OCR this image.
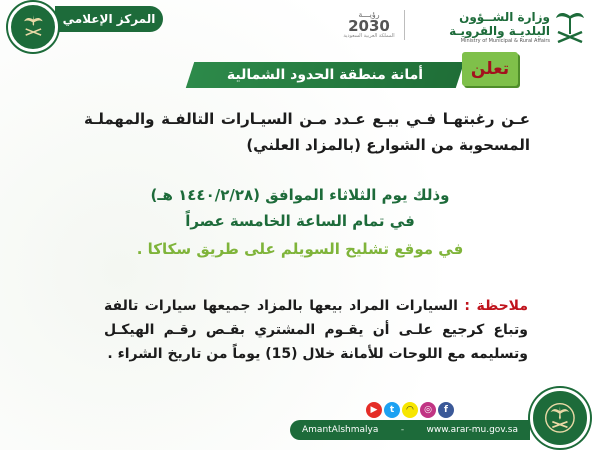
المركز الإعلامي	رؤيـــة
2030
المملكة العربية السعودية
وزارة الشــؤون
البلديـة والقرويـة
Ministry of Municipal & Rural Affairs
أمانة منطقة الحدود الشمالية	تعلن
عـن رغبتهـا فـي بيـع عـدد مـن السيـارات التالفـة والمهملـة المسحوبة من الشوارع (بالمزاد العلني)
وذلك يوم الثلاثاء الموافق (١٤٤٠/٢/٢٨ هـ)
في تمام الساعة الخامسة عصراً
في موقع تشليح السويلم على طريق سكاكا .
ملاحظة : السيارات المراد بيعها بالمزاد جميعها سيارات تالفة وتباع كرجيع علـى أن يقـوم المشتري بقـص رقـم الهيكـل وتسليمه مع اللوحات للأمانة خلال (15) يوماً من تاريخ الشراء .
▶	t	◠	◎	f
AmantAlshmalya - www.arar-mu.gov.sa
